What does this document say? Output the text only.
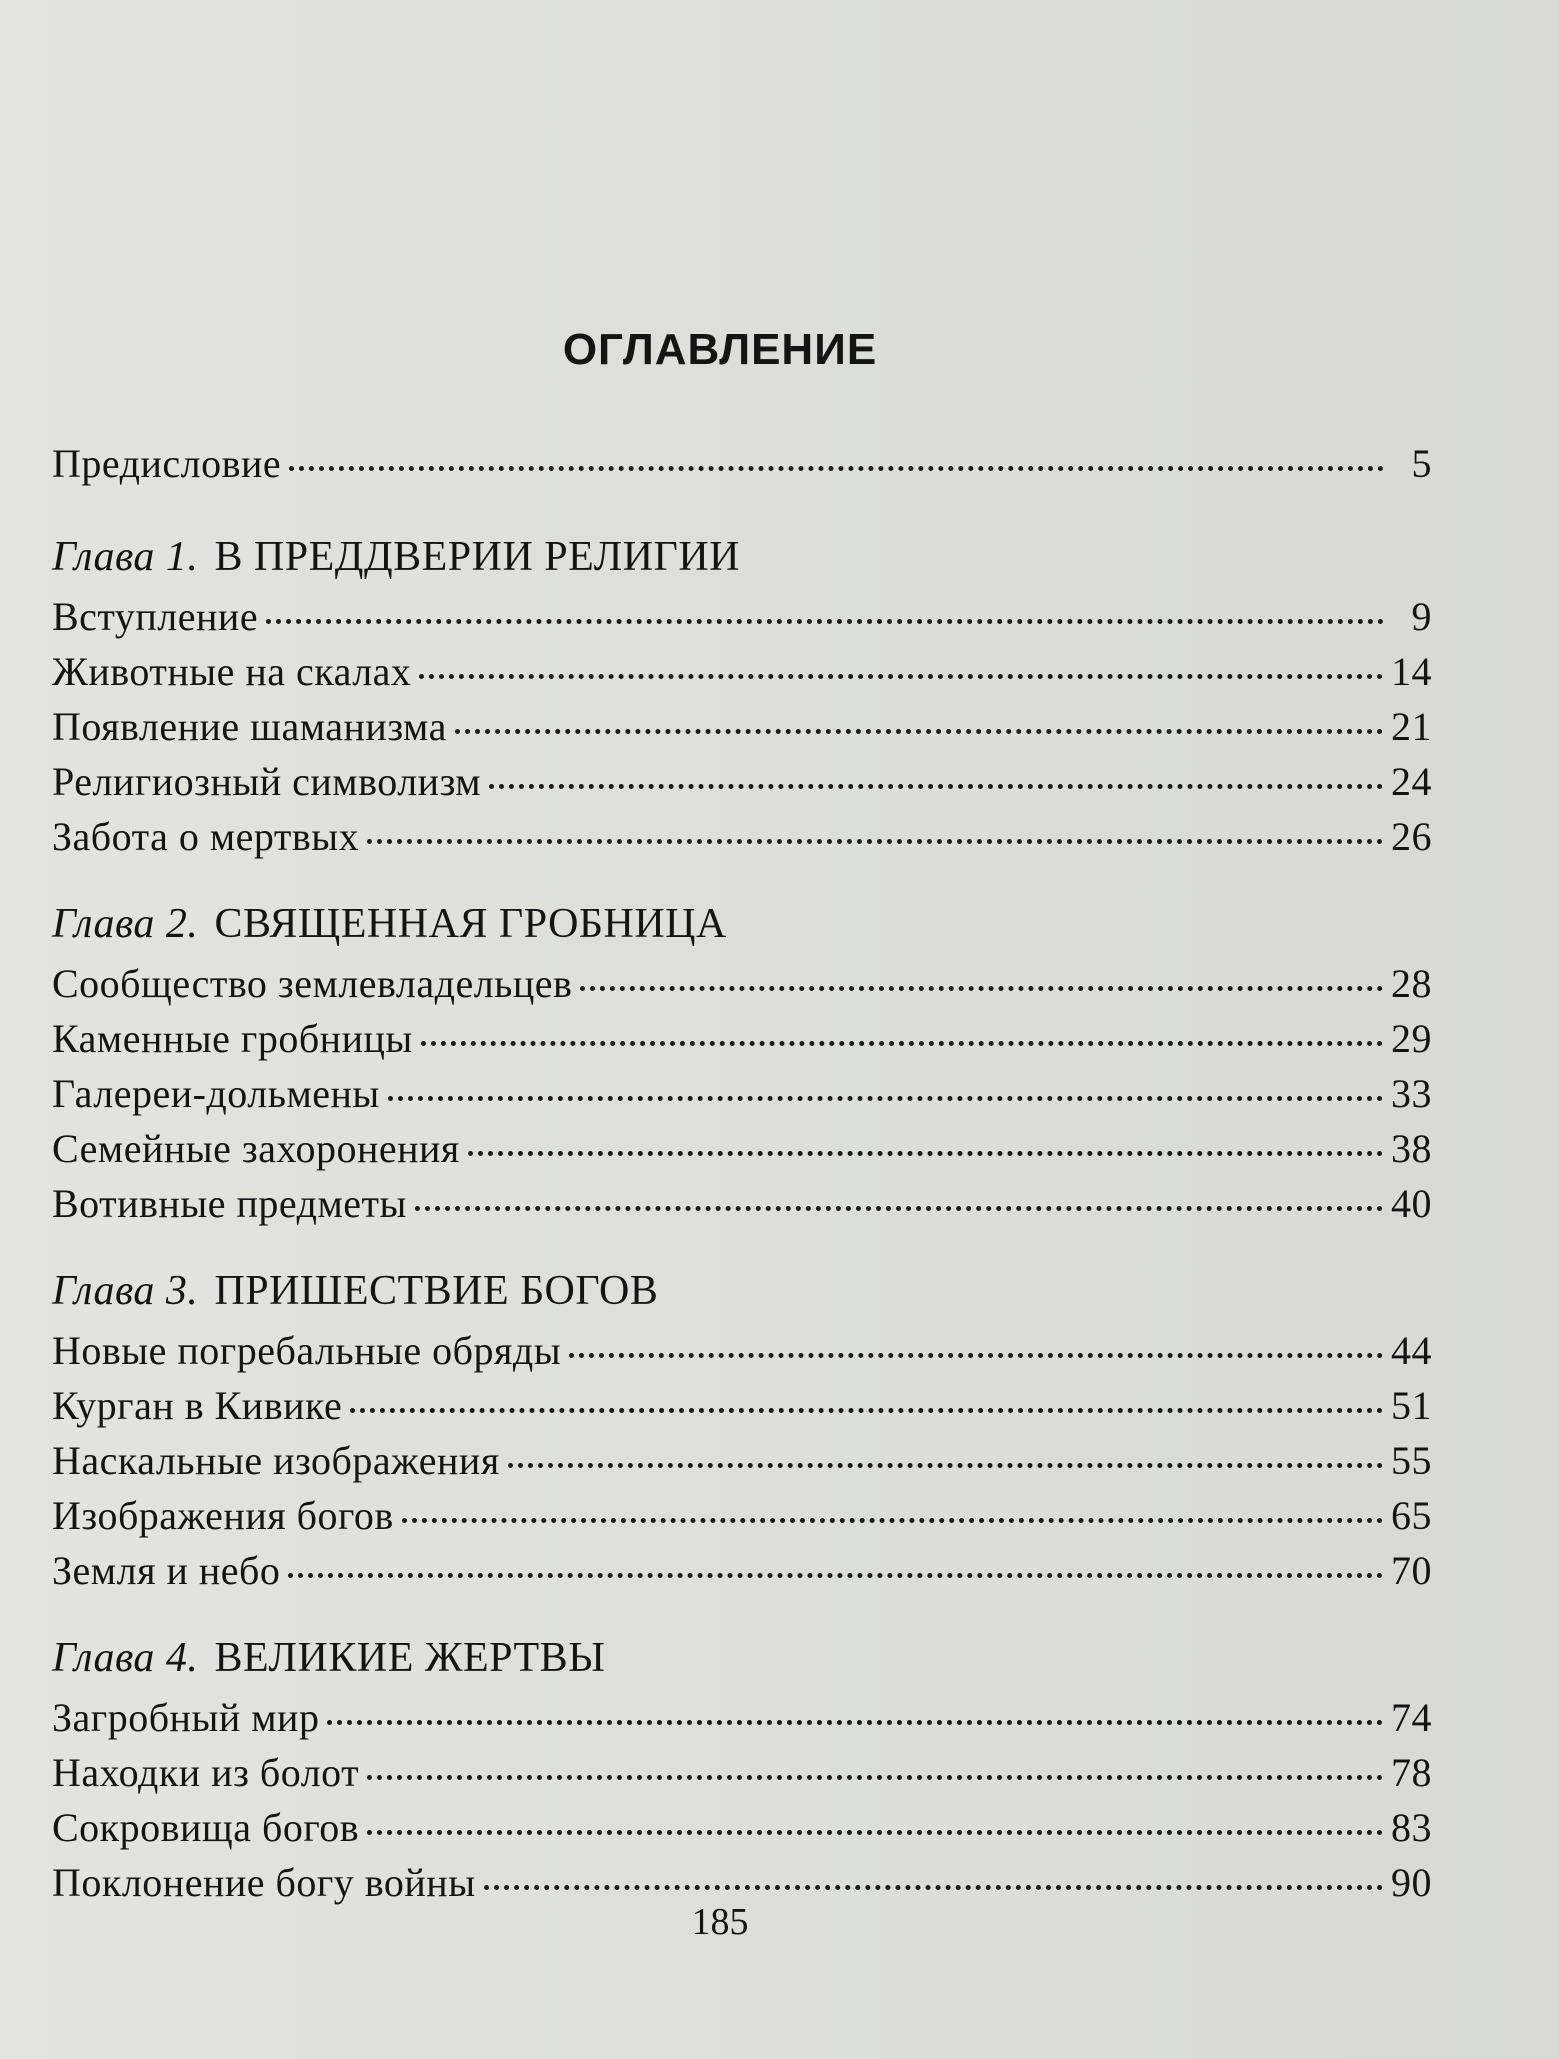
ОГЛАВЛЕНИЕ
Предисловие	5
Глава 1. В ПРЕДДВЕРИИ РЕЛИГИИ
Вступление	9
Животные на скалах	14
Появление шаманизма	21
Религиозный символизм	24
Забота о мертвых	26
Глава 2. СВЯЩЕННАЯ ГРОБНИЦА
Сообщество землевладельцев	28
Каменные гробницы	29
Галереи-дольмены	33
Семейные захоронения	38
Вотивные предметы	40
Глава 3. ПРИШЕСТВИЕ БОГОВ
Новые погребальные обряды	44
Курган в Кивике	51
Наскальные изображения	55
Изображения богов	65
Земля и небо	70
Глава 4. ВЕЛИКИЕ ЖЕРТВЫ
Загробный мир	74
Находки из болот	78
Сокровища богов	83
Поклонение богу войны	90
185
